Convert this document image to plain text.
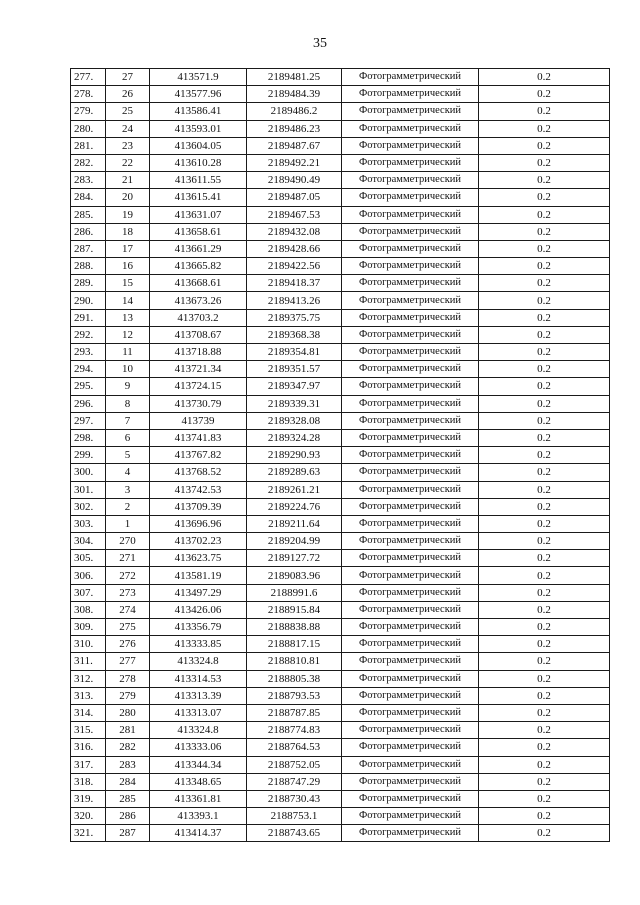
35
277.	27	413571.9	2189481.25	Фотограмметрический	0.2
278.	26	413577.96	2189484.39	Фотограмметрический	0.2
279.	25	413586.41	2189486.2	Фотограмметрический	0.2
280.	24	413593.01	2189486.23	Фотограмметрический	0.2
281.	23	413604.05	2189487.67	Фотограмметрический	0.2
282.	22	413610.28	2189492.21	Фотограмметрический	0.2
283.	21	413611.55	2189490.49	Фотограмметрический	0.2
284.	20	413615.41	2189487.05	Фотограмметрический	0.2
285.	19	413631.07	2189467.53	Фотограмметрический	0.2
286.	18	413658.61	2189432.08	Фотограмметрический	0.2
287.	17	413661.29	2189428.66	Фотограмметрический	0.2
288.	16	413665.82	2189422.56	Фотограмметрический	0.2
289.	15	413668.61	2189418.37	Фотограмметрический	0.2
290.	14	413673.26	2189413.26	Фотограмметрический	0.2
291.	13	413703.2	2189375.75	Фотограмметрический	0.2
292.	12	413708.67	2189368.38	Фотограмметрический	0.2
293.	11	413718.88	2189354.81	Фотограмметрический	0.2
294.	10	413721.34	2189351.57	Фотограмметрический	0.2
295.	9	413724.15	2189347.97	Фотограмметрический	0.2
296.	8	413730.79	2189339.31	Фотограмметрический	0.2
297.	7	413739	2189328.08	Фотограмметрический	0.2
298.	6	413741.83	2189324.28	Фотограмметрический	0.2
299.	5	413767.82	2189290.93	Фотограмметрический	0.2
300.	4	413768.52	2189289.63	Фотограмметрический	0.2
301.	3	413742.53	2189261.21	Фотограмметрический	0.2
302.	2	413709.39	2189224.76	Фотограмметрический	0.2
303.	1	413696.96	2189211.64	Фотограмметрический	0.2
304.	270	413702.23	2189204.99	Фотограмметрический	0.2
305.	271	413623.75	2189127.72	Фотограмметрический	0.2
306.	272	413581.19	2189083.96	Фотограмметрический	0.2
307.	273	413497.29	2188991.6	Фотограмметрический	0.2
308.	274	413426.06	2188915.84	Фотограмметрический	0.2
309.	275	413356.79	2188838.88	Фотограмметрический	0.2
310.	276	413333.85	2188817.15	Фотограмметрический	0.2
311.	277	413324.8	2188810.81	Фотограмметрический	0.2
312.	278	413314.53	2188805.38	Фотограмметрический	0.2
313.	279	413313.39	2188793.53	Фотограмметрический	0.2
314.	280	413313.07	2188787.85	Фотограмметрический	0.2
315.	281	413324.8	2188774.83	Фотограмметрический	0.2
316.	282	413333.06	2188764.53	Фотограмметрический	0.2
317.	283	413344.34	2188752.05	Фотограмметрический	0.2
318.	284	413348.65	2188747.29	Фотограмметрический	0.2
319.	285	413361.81	2188730.43	Фотограмметрический	0.2
320.	286	413393.1	2188753.1	Фотограмметрический	0.2
321.	287	413414.37	2188743.65	Фотограмметрический	0.2
